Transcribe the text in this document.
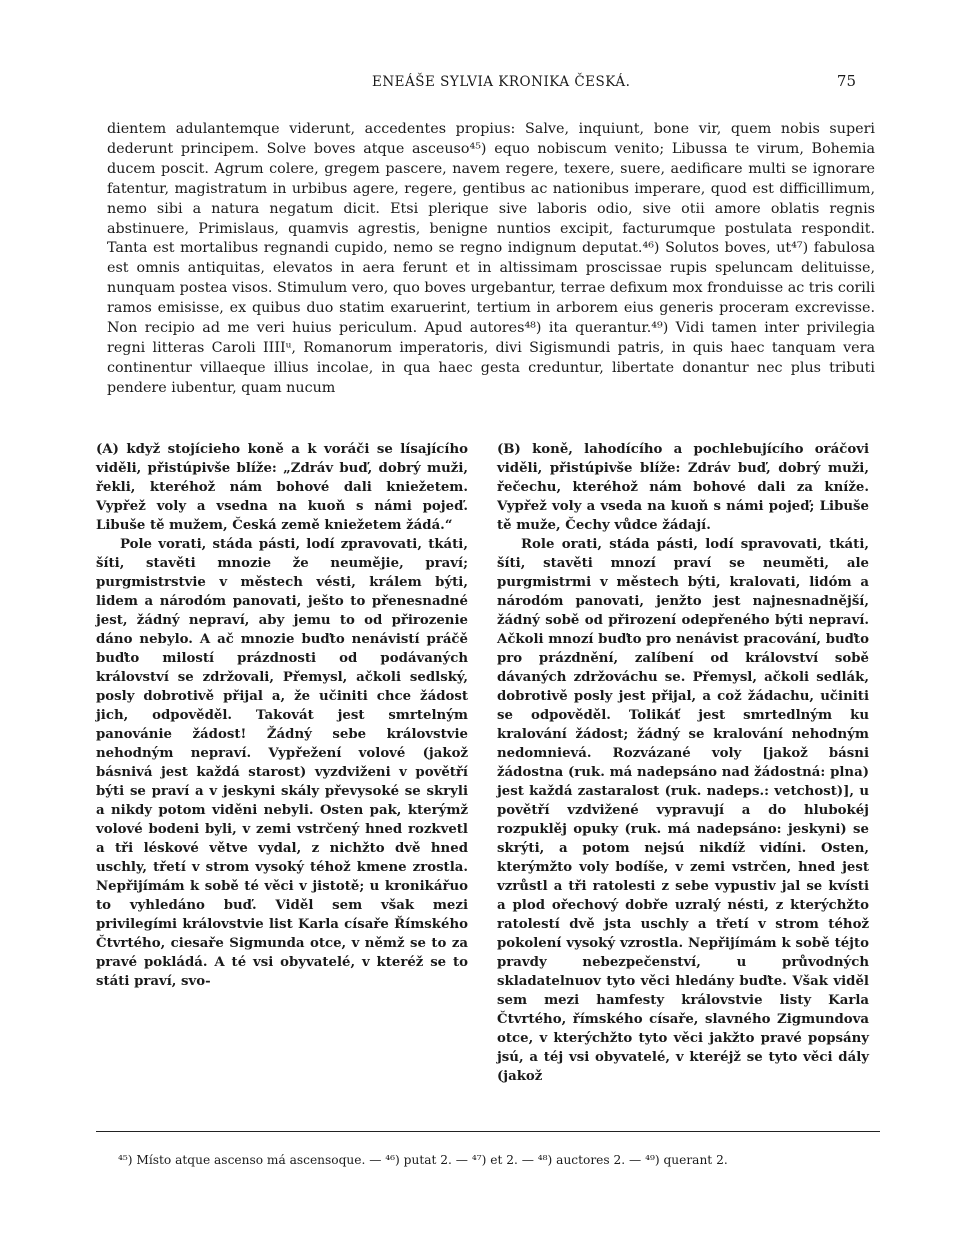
ENEÁŠE SYLVIA KRONIKA ČESKÁ.	75
dientem adulantemque viderunt, accedentes propius: Salve, inquiunt, bone vir, quem nobis superi dederunt principem. Solve boves atque asceuso⁴⁵) equo nobiscum venito; Libussa te virum, Bohemia ducem poscit. Agrum colere, gregem pascere, navem regere, texere, suere, aedificare multi se ignorare fatentur, magistratum in urbibus agere, regere, gentibus ac nationibus imperare, quod est difficillimum, nemo sibi a natura negatum dicit. Etsi plerique sive laboris odio, sive otii amore oblatis regnis abstinuere, Primislaus, quamvis agrestis, benigne nuntios excipit, facturumque postulata respondit. Tanta est mortalibus regnandi cupido, nemo se regno indignum deputat.⁴⁶) Solutos boves, ut⁴⁷) fabulosa est omnis antiquitas, elevatos in aera ferunt et in altissimam proscissae rupis speluncam delituisse, nunquam postea visos. Stimulum vero, quo boves urgebantur, terrae defixum mox fronduisse ac tris corili ramos emisisse, ex quibus duo statim exaruerint, tertium in arborem eius generis proceram excrevisse. Non recipio ad me veri huius periculum. Apud autores⁴⁸) ita querantur.⁴⁹) Vidi tamen inter privilegia regni litteras Caroli IIIIᵘ, Romanorum imperatoris, divi Sigismundi patris, in quis haec tanquam vera continentur villaeque illius incolae, in qua haec gesta creduntur, libertate donantur nec plus tributi pendere iubentur, quam nucum

(A) když stojícieho koně a k voráči se lísajícího viděli, přistúpivše blíže: „Zdráv buď, dobrý muži, řekli, kteréhož nám bohové dali kniežetem. Vypřež voly a vsedna na kuoň s námi pojeď. Libuše tě mužem, Česká země kniežetem žádá.“

Pole vorati, stáda pásti, lodí zpravovati, tkáti, šíti, stavěti mnozie že neumějie, praví; purgmistrstvie v městech vésti, králem býti, lidem a národóm panovati, ješto to přenesnadné jest, žádný nepraví, aby jemu to od přirozenie dáno nebylo. A ač mnozie buďto nenávistí práčě buďto milostí prázdnosti od podávaných království se zdržovali, Přemysl, ačkoli sedlský, posly dobrotivě přijal a, že učiniti chce žádost jich, odpověděl. Takovát jest smrtelným panovánie žádost! Žádný sebe královstvie nehodným nepraví. Vypřežení volové (jakož básnivá jest každá starost) vyzdviženi v povětří býti se praví a v jeskyni skály převysoké se skryli a nikdy potom viděni nebyli. Osten pak, kterýmž volové bodeni byli, v zemi vstrčený hned rozkvetl a tři léskové větve vydal, z nichžto dvě hned uschly, třetí v strom vysoký téhož kmene zrostla. Nepřijímám k sobě té věci v jistotě; u kronikářuo to vyhledáno buď. Viděl sem však mezi privilegími královstvie list Karla císaře Římského Čtvrtého, ciesaře Sigmunda otce, v němž se to za pravé pokládá. A té vsi obyvatelé, v kteréž se to státi praví, svo-

(B) koně, lahodícího a pochlebujícího oráčovi viděli, přistúpivše blíže: Zdráv buď, dobrý muži, řečechu, kteréhož nám bohové dali za kníže. Vypřež voly a vseda na kuoň s námi pojeď; Libuše tě muže, Čechy vůdce žádají.

Role orati, stáda pásti, lodí spravovati, tkáti, šíti, stavěti mnozí praví se neuměti, ale purgmistrmi v městech býti, kralovati, lidóm a národóm panovati, jenžto jest najnesnadnější, žádný sobě od přirození odepřeného býti nepraví. Ačkoli mnozí buďto pro nenávist pracování, buďto pro prázdnění, zalíbení od království sobě dávaných zdržováchu se. Přemysl, ačkoli sedlák, dobrotivě posly jest přijal, a což žádachu, učiniti se odpověděl. Tolikáť jest smrtedlným ku kralování žádost; žádný se kralování nehodným nedomnievá. Rozvázané voly [jakož básni žádostna (ruk. má nadepsáno nad žádostná: plna) jest každá zastaralost (ruk. nadeps.: vetchost)], u povětří vzdvižené vypravují a do hlubokéj rozpuklěj opuky (ruk. má nadepsáno: jeskyni) se skrýti, a potom nejsú nikdíž vidíni. Osten, kterýmžto voly bodíše, v zemi vstrčen, hned jest vzrůstl a tři ratolesti z sebe vypustiv jal se kvísti a plod ořechový dobře uzralý nésti, z kterýchžto ratolestí dvě jsta uschly a třetí v strom téhož pokolení vysoký vzrostla. Nepřijímám k sobě téjto pravdy nebezpečenství, u průvodných skladatelnuov tyto věci hledány buďte. Však viděl sem mezi hamfesty královstvie listy Karla Čtvrtého, římského císaře, slavného Zigmundova otce, v kterýchžto tyto věci jakžto pravé popsány jsú, a téj vsi obyvatelé, v kteréjž se tyto věci dály (jakož

⁴⁵) Místo atque ascenso má ascensoque. — ⁴⁶) putat 2. — ⁴⁷) et 2. — ⁴⁸) auctores 2. — ⁴⁹) querant 2.
